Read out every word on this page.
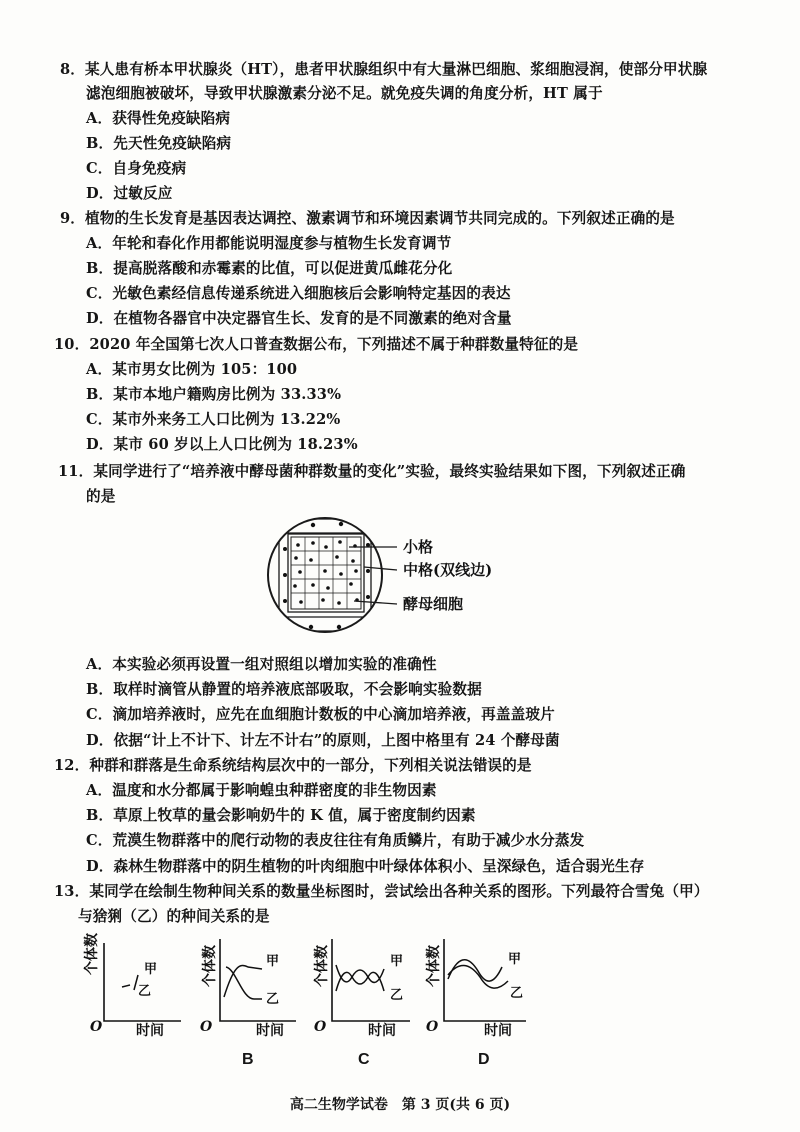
8．某人患有桥本甲状腺炎（HT），患者甲状腺组织中有大量淋巴细胞、浆细胞浸润，使部分甲状腺
滤泡细胞被破坏，导致甲状腺激素分泌不足。就免疫失调的角度分析，HT 属于
A．获得性免疫缺陷病
B．先天性免疫缺陷病
C．自身免疫病
D．过敏反应
9．植物的生长发育是基因表达调控、激素调节和环境因素调节共同完成的。下列叙述正确的是
A．年轮和春化作用都能说明湿度参与植物生长发育调节
B．提高脱落酸和赤霉素的比值，可以促进黄瓜雌花分化
C．光敏色素经信息传递系统进入细胞核后会影响特定基因的表达
D．在植物各器官中决定器官生长、发育的是不同激素的绝对含量
10．2020 年全国第七次人口普查数据公布，下列描述不属于种群数量特征的是
A．某市男女比例为 105：100
B．某市本地户籍购房比例为 33.33%
C．某市外来务工人口比例为 13.22%
D．某市 60 岁以上人口比例为 18.23%
11．某同学进行了“培养液中酵母菌种群数量的变化”实验，最终实验结果如下图，下列叙述正确
的是
小格
中格(双线边)
酵母细胞
A．本实验必须再设置一组对照组以增加实验的准确性
B．取样时滴管从静置的培养液底部吸取，不会影响实验数据
C．滴加培养液时，应先在血细胞计数板的中心滴加培养液，再盖盖玻片
D．依据“计上不计下、计左不计右”的原则，上图中格里有 24 个酵母菌
12．种群和群落是生命系统结构层次中的一部分，下列相关说法错误的是
A．温度和水分都属于影响蝗虫种群密度的非生物因素
B．草原上牧草的量会影响奶牛的 K 值，属于密度制约因素
C．荒漠生物群落中的爬行动物的表皮往往有角质鳞片，有助于减少水分蒸发
D．森林生物群落中的阴生植物的叶肉细胞中叶绿体体积小、呈深绿色，适合弱光生存
13．某同学在绘制生物种间关系的数量坐标图时，尝试绘出各种关系的图形。下列最符合雪兔（甲）
与猞猁（乙）的种间关系的是
个体数	甲
乙
O 时间
个体数	甲
乙
O	时间
个体数	甲
乙
O	时间
个体数	甲
乙
O	时间
B	C	D
高二生物学试卷　第 3 页(共 6 页)
